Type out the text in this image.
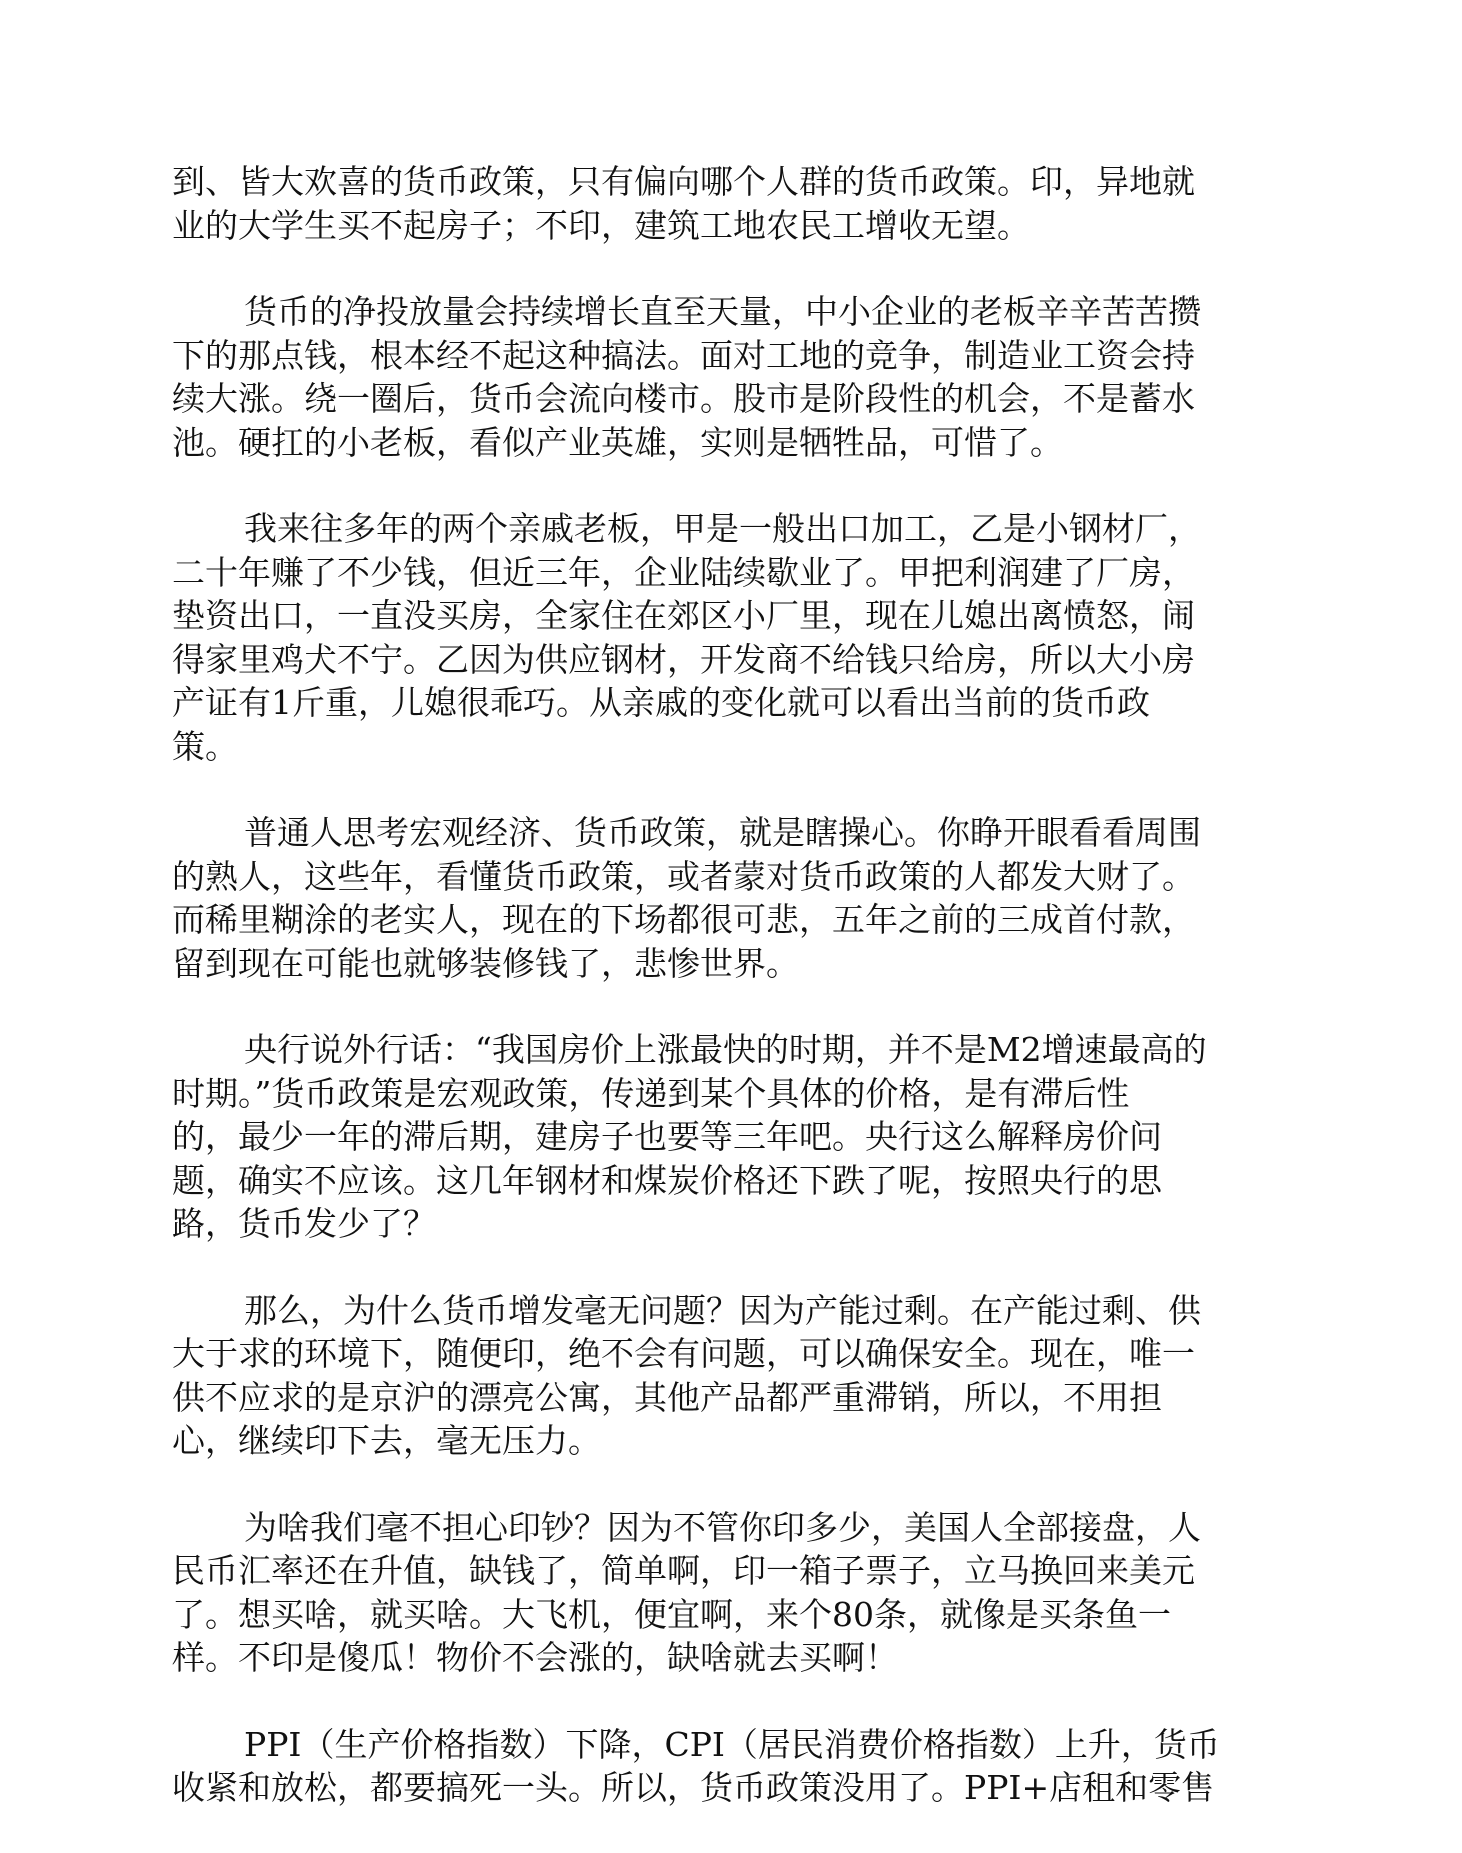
到、皆大欢喜的货币政策，只有偏向哪个人群的货币政策。印，异地就
业的大学生买不起房子；不印，建筑工地农民工增收无望。

货币的净投放量会持续增长直至天量，中小企业的老板辛辛苦苦攒
下的那点钱，根本经不起这种搞法。面对工地的竞争，制造业工资会持
续大涨。绕一圈后，货币会流向楼市。股市是阶段性的机会，不是蓄水
池。硬扛的小老板，看似产业英雄，实则是牺牲品，可惜了。

我来往多年的两个亲戚老板，甲是一般出口加工，乙是小钢材厂，
二十年赚了不少钱，但近三年，企业陆续歇业了。甲把利润建了厂房，
垫资出口，一直没买房，全家住在郊区小厂里，现在儿媳出离愤怒，闹
得家里鸡犬不宁。乙因为供应钢材，开发商不给钱只给房，所以大小房
产证有1斤重，儿媳很乖巧。从亲戚的变化就可以看出当前的货币政
策。

普通人思考宏观经济、货币政策，就是瞎操心。你睁开眼看看周围
的熟人，这些年，看懂货币政策，或者蒙对货币政策的人都发大财了。
而稀里糊涂的老实人，现在的下场都很可悲，五年之前的三成首付款，
留到现在可能也就够装修钱了，悲惨世界。

央行说外行话：“我国房价上涨最快的时期，并不是M2增速最高的
时期。”货币政策是宏观政策，传递到某个具体的价格，是有滞后性
的，最少一年的滞后期，建房子也要等三年吧。央行这么解释房价问
题，确实不应该。这几年钢材和煤炭价格还下跌了呢，按照央行的思
路，货币发少了？

那么，为什么货币增发毫无问题？因为产能过剩。在产能过剩、供
大于求的环境下，随便印，绝不会有问题，可以确保安全。现在，唯一
供不应求的是京沪的漂亮公寓，其他产品都严重滞销，所以，不用担
心，继续印下去，毫无压力。

为啥我们毫不担心印钞？因为不管你印多少，美国人全部接盘，人
民币汇率还在升值，缺钱了，简单啊，印一箱子票子，立马换回来美元
了。想买啥，就买啥。大飞机，便宜啊，来个80条，就像是买条鱼一
样。不印是傻瓜！物价不会涨的，缺啥就去买啊！

PPI（生产价格指数）下降，CPI（居民消费价格指数）上升，货币
收紧和放松，都要搞死一头。所以，货币政策没用了。PPI+店租和零售
